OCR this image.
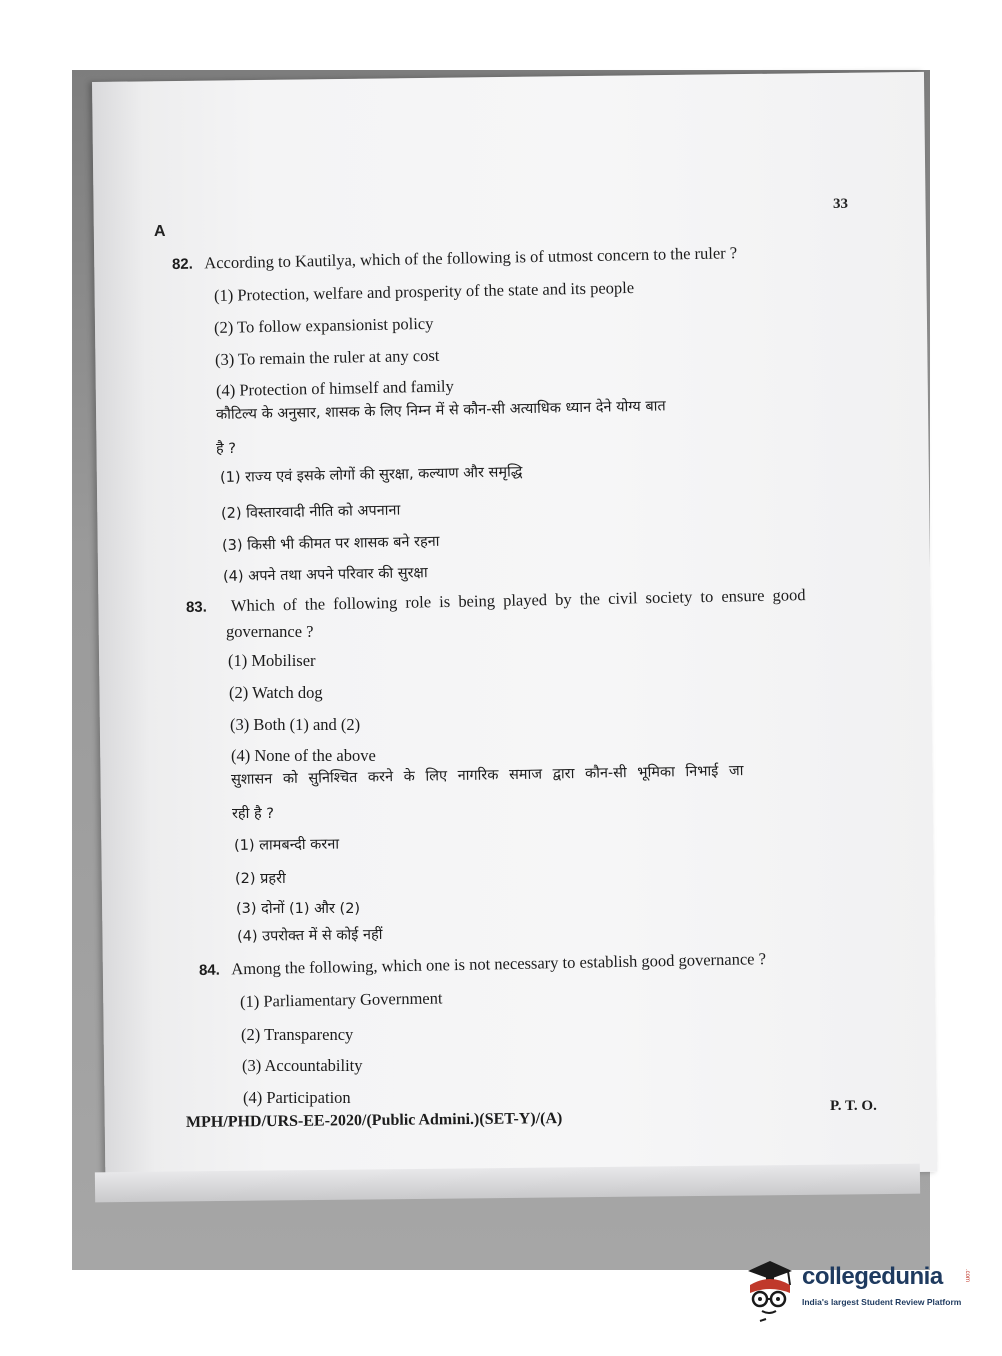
33
A
82. According to Kautilya, which of the following is of utmost concern to the ruler ?
(1) Protection, welfare and prosperity of the state and its people
(2) To follow expansionist policy
(3) To remain the ruler at any cost
(4) Protection of himself and family
कौटिल्य के अनुसार, शासक के लिए निम्न में से कौन-सी अत्याधिक ध्यान देने योग्य बात
है ?
(1) राज्य एवं इसके लोगों की सुरक्षा, कल्याण और समृद्धि
(2) विस्तारवादी नीति को अपनाना
(3) किसी भी कीमत पर शासक बने रहना
(4) अपने तथा अपने परिवार की सुरक्षा
83. Which of the following role is being played by the civil society to ensure good
governance ?
(1) Mobiliser
(2) Watch dog
(3) Both (1) and (2)
(4) None of the above
सुशासन को सुनिश्चित करने के लिए नागरिक समाज द्वारा कौन-सी भूमिका निभाई जा
रही है ?
(1) लामबन्दी करना
(2) प्रहरी
(3) दोनों (1) और (2)
(4) उपरोक्त में से कोई नहीं
84. Among the following, which one is not necessary to establish good governance ?
(1) Parliamentary Government
(2) Transparency
(3) Accountability
(4) Participation
MPH/PHD/URS-EE-2020/(Public Admini.)(SET-Y)/(A)
P. T. O.
collegedunia	.com
India's largest Student Review Platform
